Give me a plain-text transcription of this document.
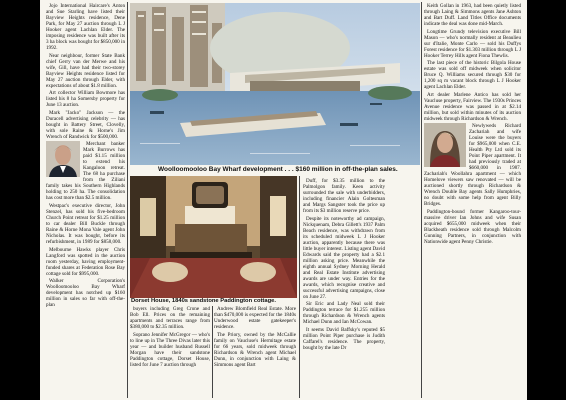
Jojo International Haircare's Anton and Sue Starling have listed their Bayview Heights residence, Dene Park, for May 27 auction through L J Hooker agent Lachlan Elder. The imposing residence was built after its 3 ha block was bought for $850,000 in 1992.

Near neighbour, former State Bank chief Gerry van der Merwe and his wife, Gill, have had their two-storey Bayview Heights residence listed for May 27 auction through Elder, with expectations of about $1.8 million.

Art collector William Bowmore has listed his 8 ha Somersby property for June 13 auction.

Mark "Jacko" Jackson — the Duracell advertising celebrity — has bought in Battery Street, Clovelly, with sole Raine & Horne's Jim Wrench of Randwick for $500,000.

Merchant banker Mark Burrows has paid $1.15 million to extend his Kangaloon retreat. The 68 ha purchase from the Ziliani family takes his Southern Highlands holding to 250 ha. The consolidation has cost more than $2.5 million.

Westpac's executive director, John Stenzel, has sold his five-bedroom Church Point retreat for $1.25 million to car dealer Bill Buckle through Raine & Horne Mona Vale agent John Nicholas. It was bought, before its refurbishment, in 1989 for $858,000.

Melbourne Hawks player Chris Langford was spotted in the auction room yesterday, having employment-funded shares at Federation Rose Bay cottage sold for $995,000.

Walker Corporation's Woolloomooloo Bay Wharf development has notched up $160 million in sales so far with off-the-plan

Woolloomooloo Bay Wharf development . . . $160 million in off-the-plan sales.
Dorset House, 1840s sandstone Paddington cottage.

buyers including Greg Crone and Bob Ell. Prices on the remaining apartments and terraces range from $380,000 to $2.35 million.

Soprano Jennifer McGregor — who's to line up in The Three Divas later this year — and builder husband Russell Morgan have their sandstone Paddington cottage, Dorset House, listed for June 7 auction through

Andrew Blomfield Real Estate. More than $470,000 is expected for the 1840s Underwood estate gatekeeper's residence.

The Priory, owned by the McCallie family on Vaucluse's Hermitage estate for 66 years, sold midweek through Richardson & Wrench agent Michael Dunn, in conjunction with Laing & Simmons agent Bart

Duff, for $3.35 million to the Palmolgon family. Keen activity surrounded the sale with underbidders, including financier Alain Goltesman and Margs Sangster took the price up from its $3 million reserve price.

Despite its noteworthy ad campaign, Nickquenam, Debra Gillett's 1937 Palm Beach residence, was withdrawn from its scheduled midweek L J Hooker auction, apparently because there was little buyer interest. Listing agent David Edwards said the property had a $2.1 million asking price. Meanwhile the eighth annual Sydney Morning Herald and Real Estate Institute advertising awards are under way. Entries for the awards, which recognise creative and successful advertising campaigns, close on June 27.

Sir Eric and Lady Neal sold their Paddington terrace for $1.255 million through Richardson & Wrench agents Michael Dunn and Ian McCowan.

It seems David Baffsky's reputed $5 million Point Piper purchase is Judith Caffarel's residence. The property, bought by the late Dr

Keith Gollan in 1963, had been quietly listed through Laing & Simmons agents Jane Ashton and Bart Duff. Land Titles Office documents indicate the deal was done mid-March.

Longtime Grundy television executive Bill Mason — who's normally resident at Beaulieu sur d'Italie, Monte Carlo — sold his Duffys Forest residence for $1.303 million through L J Hooker Terrey Hills agent Fiona Thewlis.

The last piece of the historic Bilgola House estate was sold off midweek when solicitor Bruce Q. Williams secured through $30 for 1,200 sq m vacant block through L J Hooker agent Lachlan Elder.

Art dealer Marlene Antico has sold her Vaucluse property, Fairview. The 1930s Princes Avenue residence was passed in at $2.14 million, but sold within minutes of its auction midweek through Richardson & Wrench.

Newlyweds Richard Zachariah and wife Louise were the buyers for $965,000 when C.E. Health Pty Ltd sold its Point Piper apartment. It had previously traded at $660,000 in 1987. Zachariah's Woollahra apartment — which Homelove viewers saw renovated — will be auctioned shortly through Richardson & Wrench Double Bay agents Sally Humphries, no doubt with some help from agent Billy Bridges.

Paddington-bound former Kangaroo-tour-massive driver Ian Johns and wife Susan acquired $655,000 midweek when their Blackheath residence sold through Malcolm Gunning Partners, in conjunction with Nationwide agent Penny Christie.
